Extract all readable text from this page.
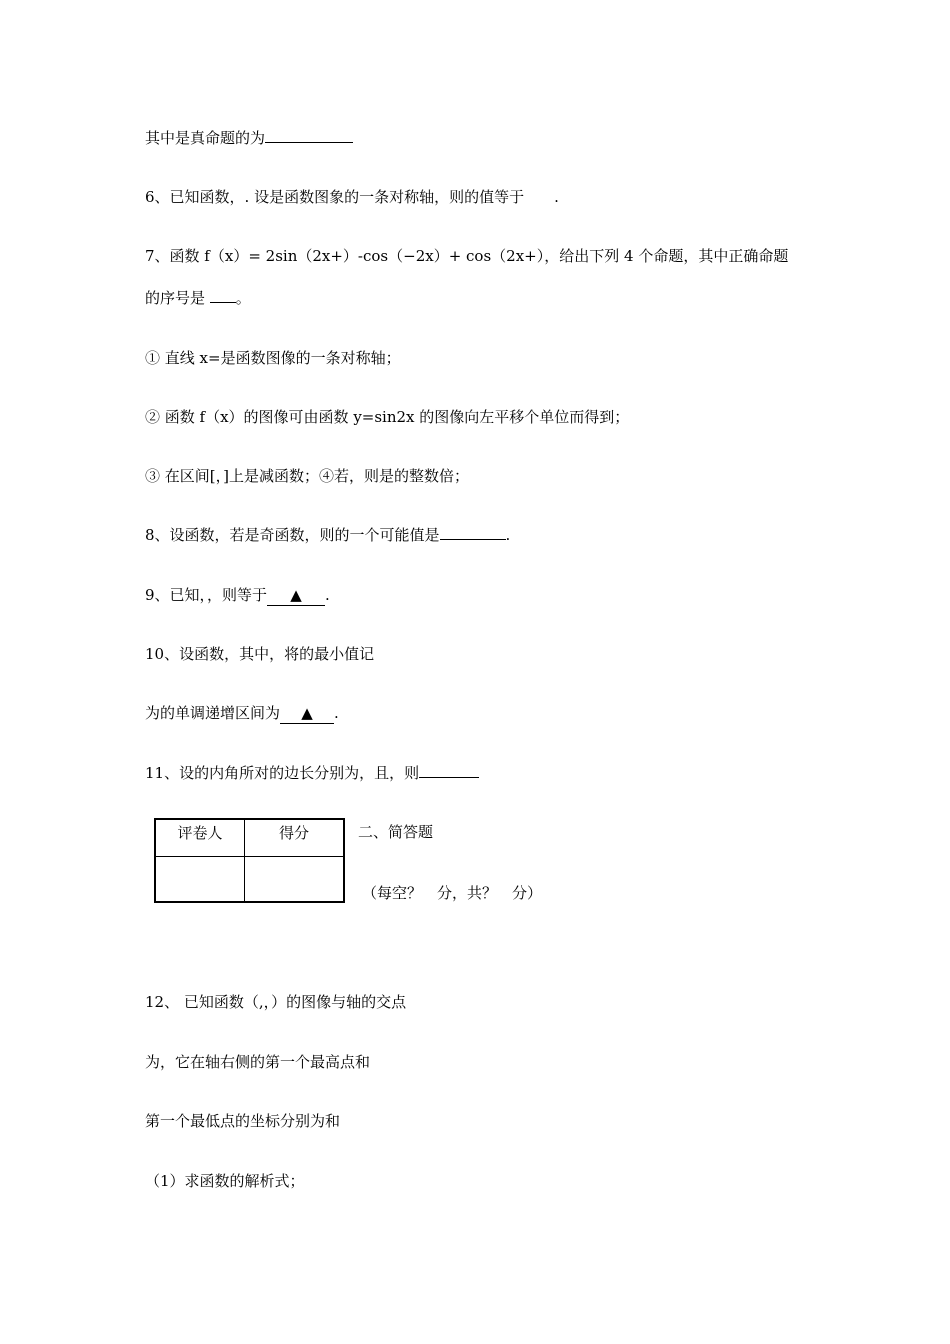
其中是真命题的为
6、已知函数，. 设是函数图象的一条对称轴，则的值等于　　.
7、函数 f（x）= 2sin（2x+）-cos（−2x）+ cos（2x+），给出下列 4 个命题，其中正确命题
的序号是 。
① 直线 x=是函数图像的一条对称轴；
② 函数 f（x）的图像可由函数 y=sin2x 的图像向左平移个单位而得到；
③ 在区间[，]上是减函数；④若，则是的整数倍；
8、设函数，若是奇函数，则的一个可能值是	.
9、已知，，则等于 ▲ .
10、设函数，其中，将的最小值记
为的单调递增区间为 ▲ .
11、设的内角所对的边长分别为，且，则
评卷人	得分
		二、简答题
（每空？　分，共？　分）
12、 已知函数（,，）的图像与轴的交点
为，它在轴右侧的第一个最高点和
第一个最低点的坐标分别为和
（1）求函数的解析式；
